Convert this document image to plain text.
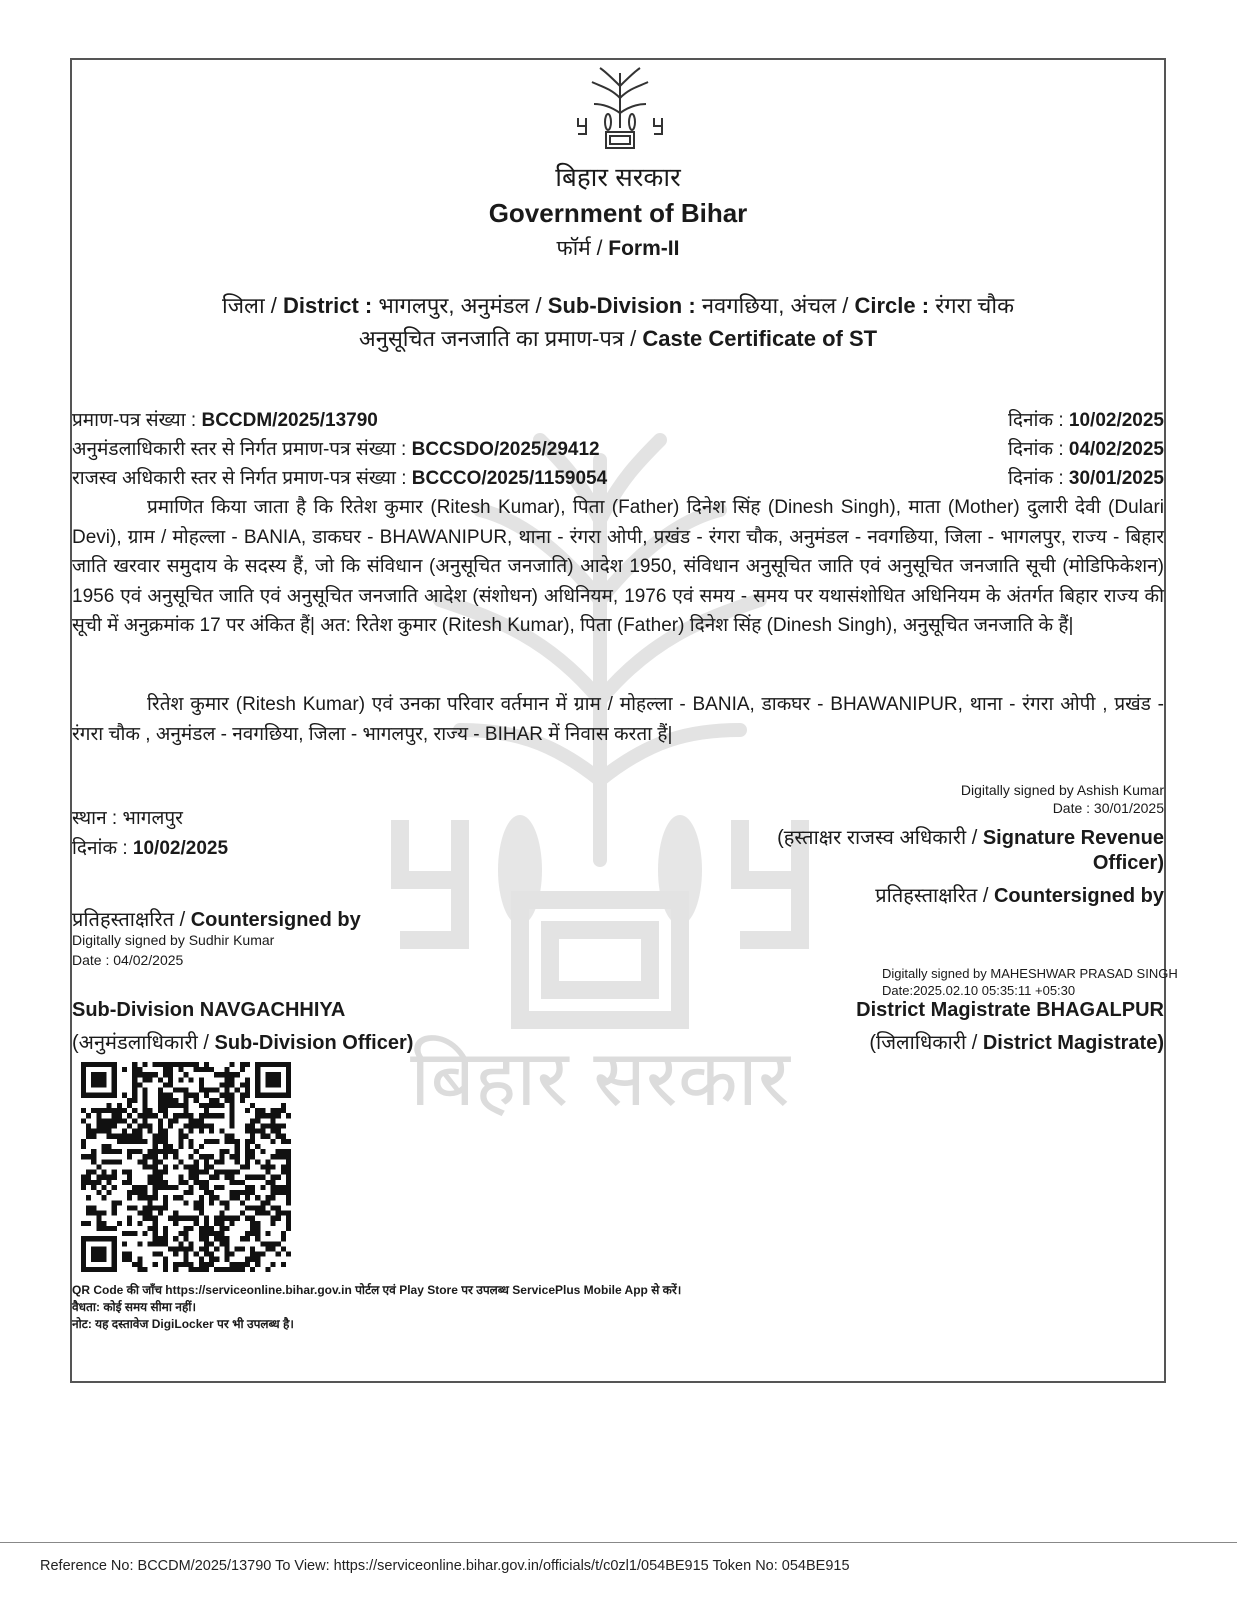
बिहार सरकार
बिहार सरकार
Government of Bihar
फॉर्म / Form-II
जिला / District : भागलपुर, अनुमंडल / Sub-Division : नवगछिया, अंचल / Circle : रंगरा चौक
अनुसूचित जनजाति का प्रमाण-पत्र / Caste Certificate of ST
प्रमाण-पत्र संख्या : BCCDM/2025/13790	दिनांक : 10/02/2025
अनुमंडलाधिकारी स्तर से निर्गत प्रमाण-पत्र संख्या : BCCSDO/2025/29412	दिनांक : 04/02/2025
राजस्व अधिकारी स्तर से निर्गत प्रमाण-पत्र संख्या : BCCCO/2025/1159054	दिनांक : 30/01/2025

प्रमाणित किया जाता है कि रितेश कुमार (Ritesh Kumar), पिता (Father) दिनेश सिंह (Dinesh Singh), माता (Mother) दुलारी देवी (Dulari Devi), ग्राम / मोहल्ला - BANIA, डाकघर - BHAWANIPUR, थाना - रंगरा ओपी, प्रखंड - रंगरा चौक, अनुमंडल - नवगछिया, जिला - भागलपुर, राज्य - बिहार जाति खरवार समुदाय के सदस्य हैं, जो कि संविधान (अनुसूचित जनजाति) आदेश 1950, संविधान अनुसूचित जाति एवं अनुसूचित जनजाति सूची (मोडिफिकेशन) 1956 एवं अनुसूचित जाति एवं अनुसूचित जनजाति आदेश (संशोधन) अधिनियम, 1976 एवं समय - समय पर यथासंशोधित अधिनियम के अंतर्गत बिहार राज्य की सूची में अनुक्रमांक 17 पर अंकित हैं| अत: रितेश कुमार (Ritesh Kumar), पिता (Father) दिनेश सिंह (Dinesh Singh), अनुसूचित जनजाति के हैं|

रितेश कुमार (Ritesh Kumar) एवं उनका परिवार वर्तमान में ग्राम / मोहल्ला - BANIA, डाकघर - BHAWANIPUR, थाना - रंगरा ओपी , प्रखंड - रंगरा चौक , अनुमंडल - नवगछिया, जिला - भागलपुर, राज्य - BIHAR में निवास करता हैं|

स्थान : भागलपुर
दिनांक : 10/02/2025
Digitally signed by Ashish Kumar
Date : 30/01/2025
(हस्ताक्षर राजस्व अधिकारी / Signature Revenue
Officer)
प्रतिहस्ताक्षरित / Countersigned by
प्रतिहस्ताक्षरित / Countersigned by
Digitally signed by Sudhir Kumar
Date : 04/02/2025
Sub-Division NAVGACHHIYA
(अनुमंडलाधिकारी / Sub-Division Officer)
Digitally signed by MAHESHWAR PRASAD SINGH
Date:2025.02.10 05:35:11 +05:30
District Magistrate BHAGALPUR
(जिलाधिकारी / District Magistrate)
QR Code की जाँच https://serviceonline.bihar.gov.in पोर्टल एवं Play Store पर उपलब्ध ServicePlus Mobile App से करें।
वैधता: कोई समय सीमा नहीं।
नोट: यह दस्तावेज DigiLocker पर भी उपलब्ध है।
Reference No: BCCDM/2025/13790 To View: https://serviceonline.bihar.gov.in/officials/t/c0zl1/054BE915 Token No: 054BE915
